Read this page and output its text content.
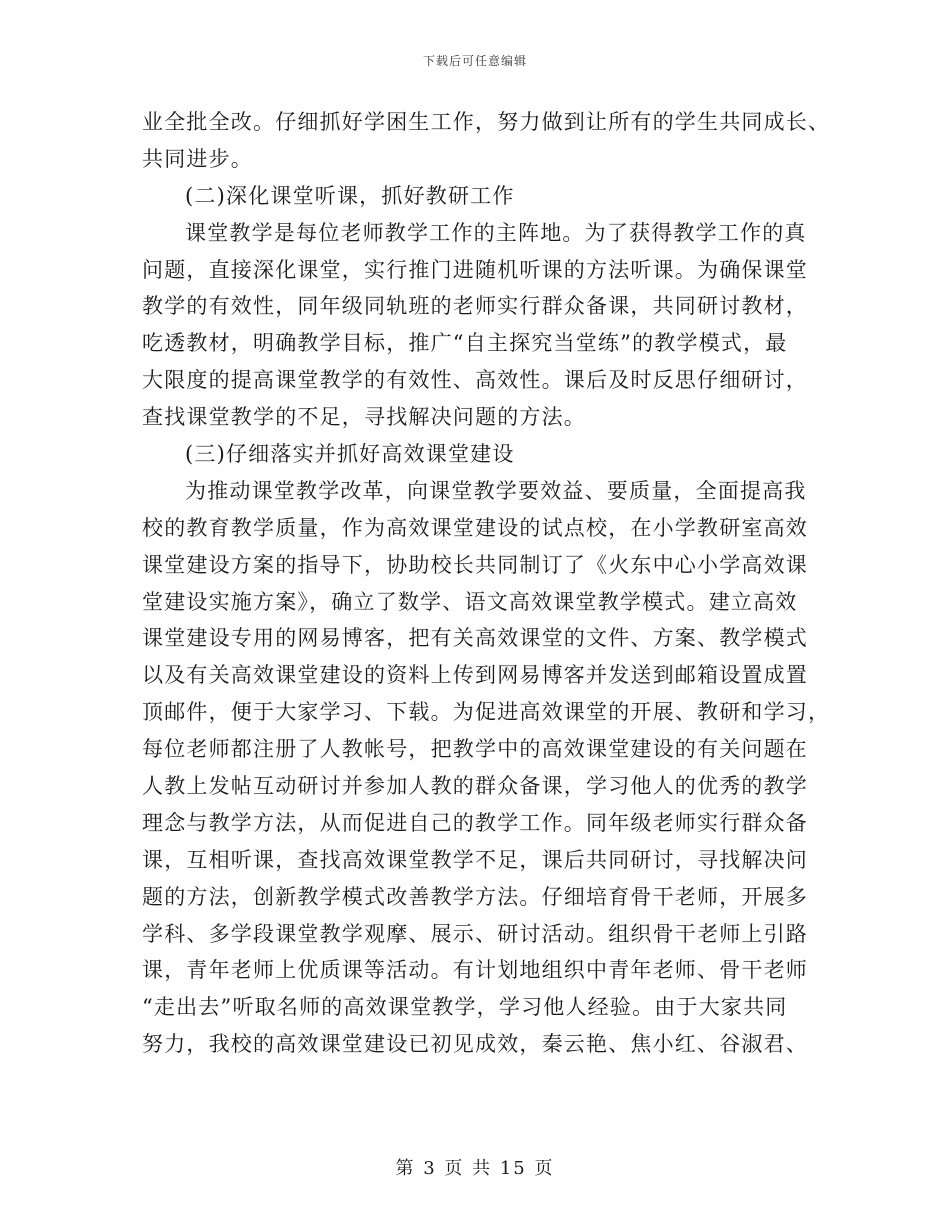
下载后可任意编辑
业全批全改。仔细抓好学困生工作，努力做到让所有的学生共同成长、
共同进步。
(二)深化课堂听课，抓好教研工作
课堂教学是每位老师教学工作的主阵地。为了获得教学工作的真
问题，直接深化课堂，实行推门进随机听课的方法听课。为确保课堂
教学的有效性，同年级同轨班的老师实行群众备课，共同研讨教材，
吃透教材，明确教学目标，推广“自主探究当堂练”的教学模式，最
大限度的提高课堂教学的有效性、高效性。课后及时反思仔细研讨，
查找课堂教学的不足，寻找解决问题的方法。
(三)仔细落实并抓好高效课堂建设
为推动课堂教学改革，向课堂教学要效益、要质量，全面提高我
校的教育教学质量，作为高效课堂建设的试点校，在小学教研室高效
课堂建设方案的指导下，协助校长共同制订了《火东中心小学高效课
堂建设实施方案》，确立了数学、语文高效课堂教学模式。建立高效
课堂建设专用的网易博客，把有关高效课堂的文件、方案、教学模式
以及有关高效课堂建设的资料上传到网易博客并发送到邮箱设置成置
顶邮件，便于大家学习、下载。为促进高效课堂的开展、教研和学习，
每位老师都注册了人教帐号，把教学中的高效课堂建设的有关问题在
人教上发帖互动研讨并参加人教的群众备课，学习他人的优秀的教学
理念与教学方法，从而促进自己的教学工作。同年级老师实行群众备
课，互相听课，查找高效课堂教学不足，课后共同研讨，寻找解决问
题的方法，创新教学模式改善教学方法。仔细培育骨干老师，开展多
学科、多学段课堂教学观摩、展示、研讨活动。组织骨干老师上引路
课，青年老师上优质课等活动。有计划地组织中青年老师、骨干老师
“走出去”听取名师的高效课堂教学，学习他人经验。由于大家共同
努力，我校的高效课堂建设已初见成效，秦云艳、焦小红、谷淑君、
第 3 页 共 15 页
